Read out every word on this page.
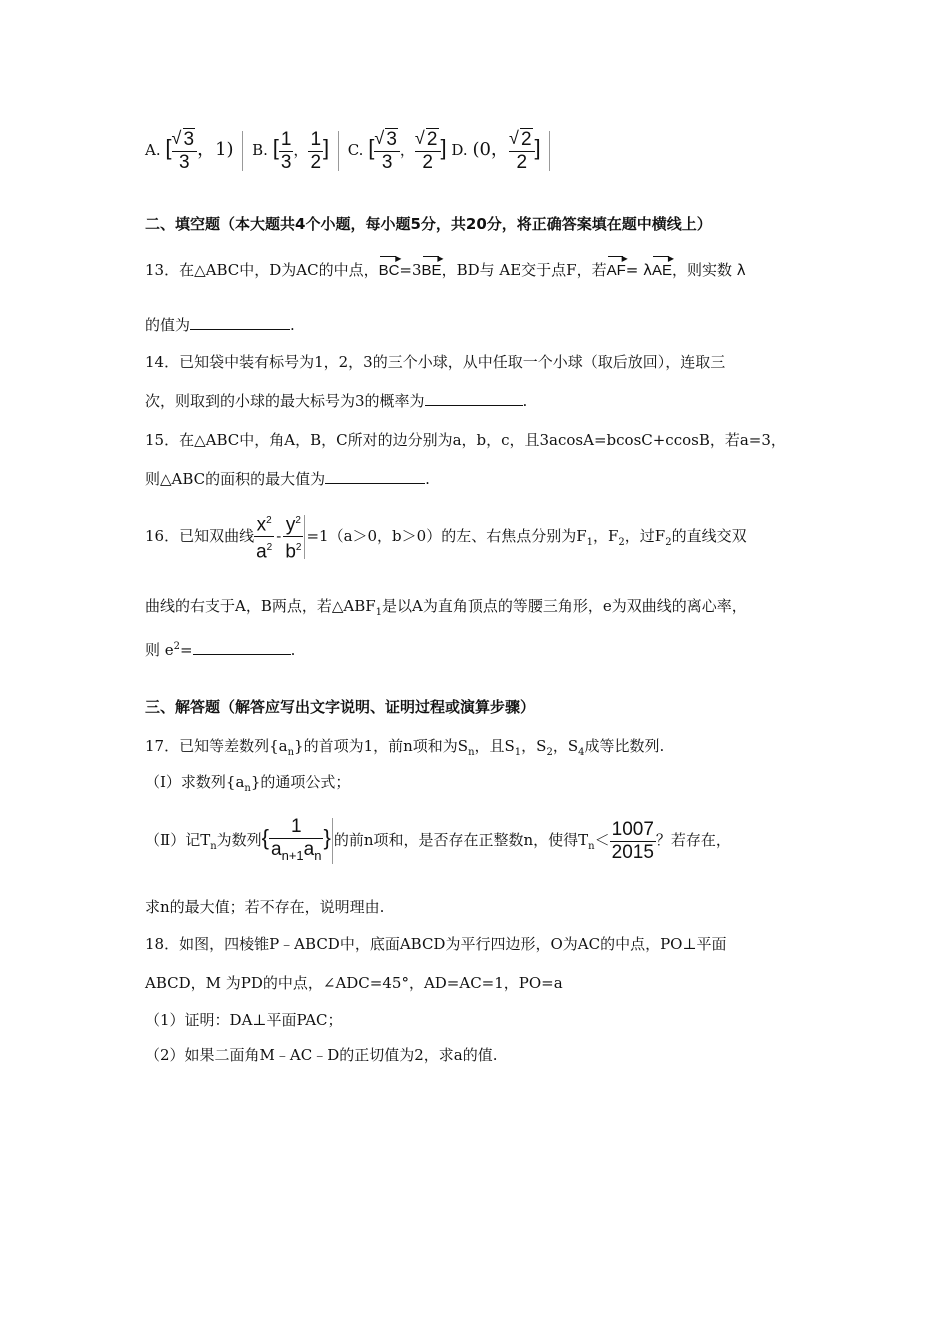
A. [ √ $\frac{3}{3}$ ，1) B. [ $\frac{1}{3}$ ， $\frac{1}{2}$ ] C. [ √ $\frac{3}{3}$ ， √ $\frac{2}{2}$ ] D. (0， √ $\frac{2}{2}$ ]
二、填空题（本大题共4个小题，每小题5分，共20分，将正确答案填在题中横线上）
13．在△ABC中，D为AC的中点，BC ▶=3BE ▶，BD与 AE交于点F，若AF ▶= λAE ▶，则实数 λ
的值为	.
14．已知袋中装有标号为1，2，3的三个小球，从中任取一个小球（取后放回），连取三
次，则取到的小球的最大标号为3的概率为	.
15．在△ABC中，角A，B，C所对的边分别为a，b，c，且3acosA=bcosC+ccosB，若a=3，
则△ABC的面积的最大值为	.
16．已知双曲线 $\frac{x^2}{a^2} - \frac{y^2}{b^2} =1(a>0$，b＞0）的左、右焦点分别为$F_1$，$F_2$，过$F_2$的直线交双
曲线的右支于A，B两点，若$\triangle ABF_1$是以A为直角顶点的等腰三角形，e为双曲线的离心率，
则 $e^2=$	.
三、解答题（解答应写出文字说明、证明过程或演算步骤）
17．已知等差数列$\{a_n\}$的首项为1，前n项和为$S_n$，且$S_1$，$S_2$，$S_4$成等比数列.
（Ⅰ）求数列$\{a_n\}$的通项公式；
（Ⅱ）记$T_n$为数列{ $\frac{1}{a_{n+1}a_n}$ } 的前n项和，是否存在正整数n，使得$T_n< \frac{1007}{2015}$ ？若存在，
求n的最大值；若不存在，说明理由.
18．如图，四棱锥P﹣ABCD中，底面ABCD为平行四边形，O为AC的中点，PO⊥平面
ABCD，M 为PD的中点，∠ADC=45°，AD=AC=1，PO=a
（1）证明：DA⊥平面PAC；
（2）如果二面角M﹣AC﹣D的正切值为2，求a的值.
